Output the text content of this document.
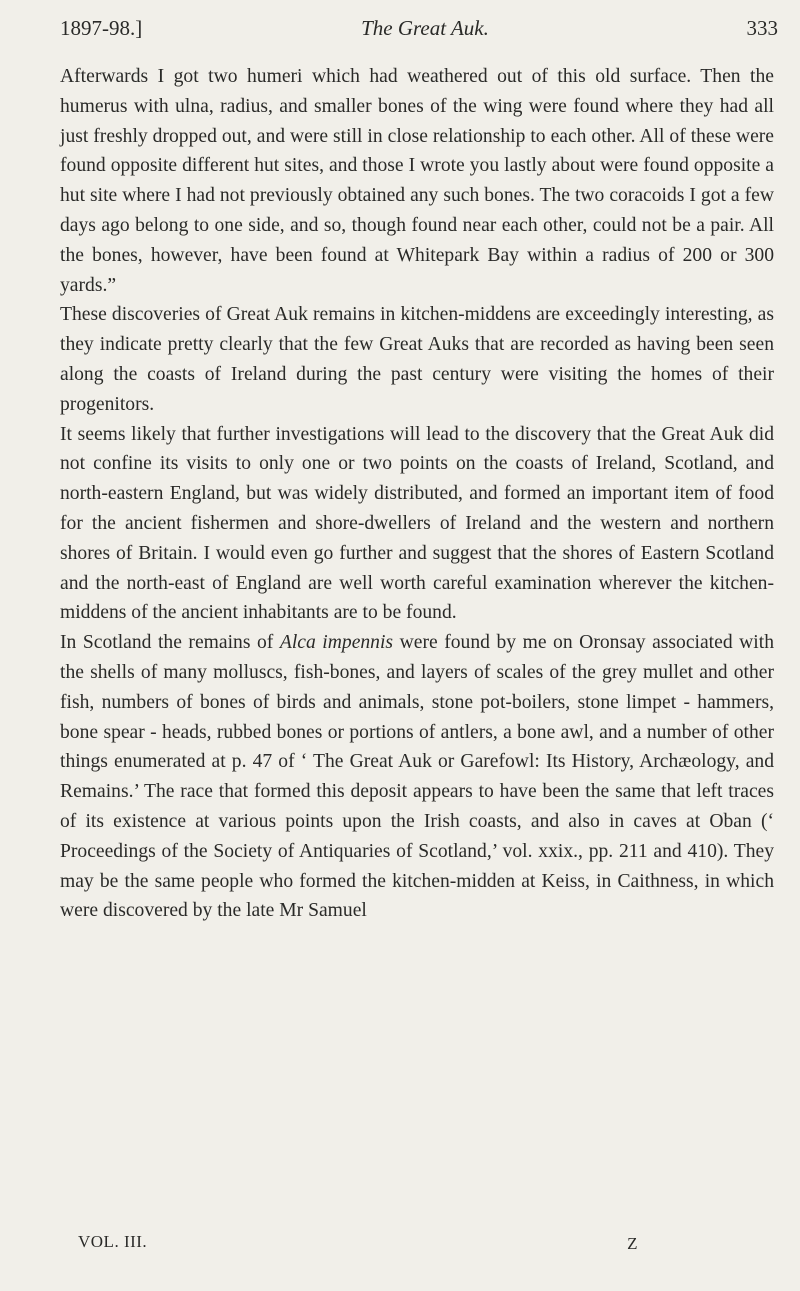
1897-98.]	The Great Auk.	333

Afterwards I got two humeri which had weathered out of this old surface. Then the humerus with ulna, radius, and smaller bones of the wing were found where they had all just freshly dropped out, and were still in close relationship to each other. All of these were found opposite different hut sites, and those I wrote you lastly about were found opposite a hut site where I had not previously obtained any such bones. The two coracoids I got a few days ago belong to one side, and so, though found near each other, could not be a pair. All the bones, however, have been found at Whitepark Bay within a radius of 200 or 300 yards.”

These discoveries of Great Auk remains in kitchen-middens are exceedingly interesting, as they indicate pretty clearly that the few Great Auks that are recorded as having been seen along the coasts of Ireland during the past century were visiting the homes of their progenitors.

It seems likely that further investigations will lead to the discovery that the Great Auk did not confine its visits to only one or two points on the coasts of Ireland, Scotland, and north-eastern England, but was widely distributed, and formed an important item of food for the ancient fishermen and shore-dwellers of Ireland and the western and northern shores of Britain. I would even go further and suggest that the shores of Eastern Scotland and the north-east of England are well worth careful examination wherever the kitchen-middens of the ancient inhabitants are to be found.

In Scotland the remains of Alca impennis were found by me on Oronsay associated with the shells of many molluscs, fish-bones, and layers of scales of the grey mullet and other fish, numbers of bones of birds and animals, stone pot-boilers, stone limpet - hammers, bone spear - heads, rubbed bones or portions of antlers, a bone awl, and a number of other things enumerated at p. 47 of ‘ The Great Auk or Garefowl: Its History, Archæology, and Remains.’ The race that formed this deposit appears to have been the same that left traces of its existence at various points upon the Irish coasts, and also in caves at Oban (‘ Proceedings of the Society of Antiquaries of Scotland,’ vol. xxix., pp. 211 and 410). They may be the same people who formed the kitchen-midden at Keiss, in Caithness, in which were discovered by the late Mr Samuel

VOL. III.	Z
